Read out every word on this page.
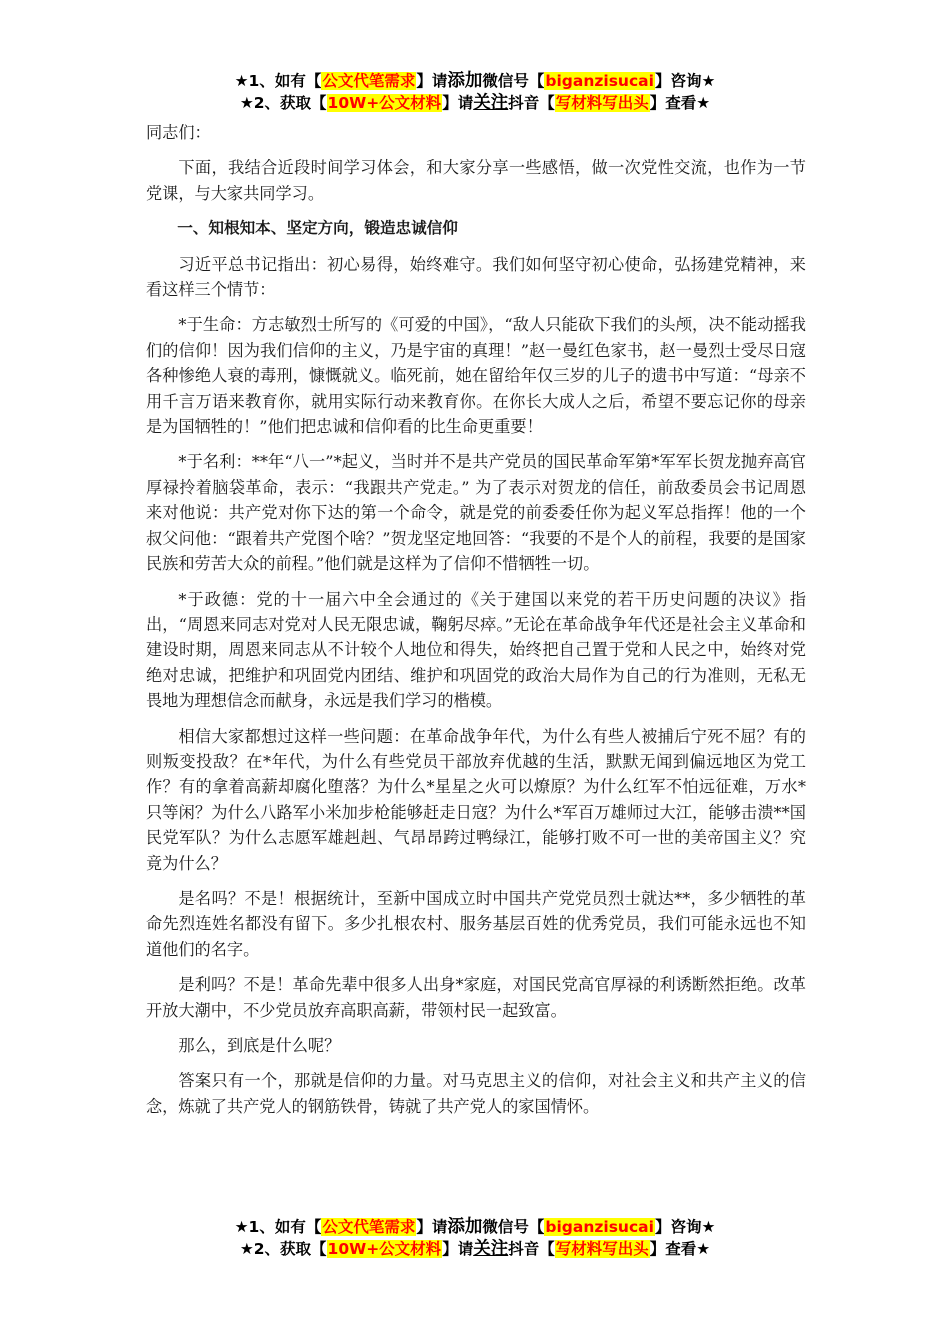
★1、如有【公文代笔需求】请添加微信号【biganzisucai】咨询★
★2、获取【10W+公文材料】请关注抖音【写材料写出头】查看★

同志们：

下面，我结合近段时间学习体会，和大家分享一些感悟，做一次党性交流，也作为一节党课，与大家共同学习。

一、知根知本、坚定方向，锻造忠诚信仰

习近平总书记指出：初心易得，始终难守。我们如何坚守初心使命，弘扬建党精神，来看这样三个情节：

*于生命：方志敏烈士所写的《可爱的中国》，“敌人只能砍下我们的头颅，决不能动摇我们的信仰！因为我们信仰的主义，乃是宇宙的真理！”赵一曼红色家书，赵一曼烈士受尽日寇各种惨绝人衰的毒刑，慷慨就义。临死前，她在留给年仅三岁的儿子的遗书中写道：“母亲不用千言万语来教育你，就用实际行动来教育你。在你长大成人之后，希望不要忘记你的母亲是为国牺牲的！”他们把忠诚和信仰看的比生命更重要！

*于名利：**年“八一”*起义，当时并不是共产党员的国民革命军第*军军长贺龙抛弃高官厚禄拎着脑袋革命，表示：“我跟共产党走。” 为了表示对贺龙的信任，前敌委员会书记周恩来对他说：共产党对你下达的第一个命令，就是党的前委委任你为起义军总指挥！他的一个叔父问他：“跟着共产党图个啥？”贺龙坚定地回答：“我要的不是个人的前程，我要的是国家民族和劳苦大众的前程。”他们就是这样为了信仰不惜牺牲一切。

*于政德：党的十一届六中全会通过的《关于建国以来党的若干历史问题的决议》指出，“周恩来同志对党对人民无限忠诚，鞠躬尽瘁。”无论在革命战争年代还是社会主义革命和建设时期，周恩来同志从不计较个人地位和得失，始终把自己置于党和人民之中，始终对党绝对忠诚，把维护和巩固党内团结、维护和巩固党的政治大局作为自己的行为准则，无私无畏地为理想信念而献身，永远是我们学习的楷模。

相信大家都想过这样一些问题：在革命战争年代，为什么有些人被捕后宁死不屈？有的则叛变投敌？在*年代，为什么有些党员干部放弃优越的生活，默默无闻到偏远地区为党工作？有的拿着高薪却腐化堕落？为什么*星星之火可以燎原？为什么红军不怕远征难，万水*只等闲？为什么八路军小米加步枪能够赶走日寇？为什么*军百万雄师过大江，能够击溃**国民党军队？为什么志愿军雄赳赳、气昂昂跨过鸭绿江，能够打败不可一世的美帝国主义？究竟为什么？

是名吗？不是！根据统计，至新中国成立时中国共产党党员烈士就达**，多少牺牲的革命先烈连姓名都没有留下。多少扎根农村、服务基层百姓的优秀党员，我们可能永远也不知道他们的名字。

是利吗？不是！革命先辈中很多人出身*家庭，对国民党高官厚禄的利诱断然拒绝。改革开放大潮中，不少党员放弃高职高薪，带领村民一起致富。

那么，到底是什么呢？

答案只有一个，那就是信仰的力量。对马克思主义的信仰，对社会主义和共产主义的信念，炼就了共产党人的钢筋铁骨，铸就了共产党人的家国情怀。

★1、如有【公文代笔需求】请添加微信号【biganzisucai】咨询★
★2、获取【10W+公文材料】请关注抖音【写材料写出头】查看★
